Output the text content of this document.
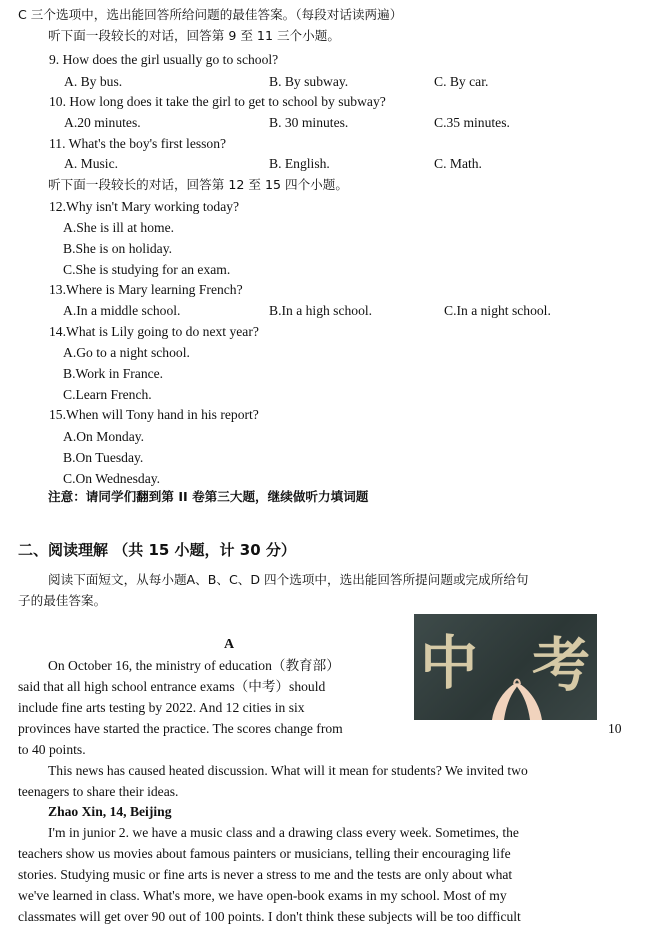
C 三个选项中，选出能回答所给问题的最佳答案。（每段对话读两遍）
听下面一段较长的对话，回答第 9 至 11 三个小题。
9. How does the girl usually go to school?
A. By bus.	B. By subway.	C. By car.
10. How long does it take the girl to get to school by subway?
A.20 minutes.	B. 30 minutes.	C.35 minutes.
11. What's the boy's first lesson?
A. Music.	B. English.	C. Math.
听下面一段较长的对话，回答第 12 至 15 四个小题。
12.Why isn't Mary working today?
A.She is ill at home.
B.She is on holiday.
C.She is studying for an exam.
13.Where is Mary learning French?
A.In a middle school.	B.In a high school.	C.In a night school.
14.What is Lily going to do next year?
A.Go to a night school.
B.Work in France.
C.Learn French.
15.When will Tony hand in his report?
A.On Monday.
B.On Tuesday.
C.On Wednesday.
注意：请同学们翻到第 II 卷第三大题，继续做听力填词题
二、阅读理解 （共 15 小题，计 30 分）
阅读下面短文，从每小题A、B、C、D 四个选项中，选出能回答所提问题或完成所给句
子的最佳答案。
A	中 考
On October 16, the ministry of education（教育部）
said that all high school entrance exams（中考）should
include fine arts testing by 2022. And 12 cities in six
provinces have started the practice. The scores change from	10
to 40 points.
This news has caused heated discussion. What will it mean for students? We invited two
teenagers to share their ideas.
Zhao Xin, 14, Beijing
I'm in junior 2. we have a music class and a drawing class every week. Sometimes, the
teachers show us movies about famous painters or musicians, telling their encouraging life
stories. Studying music or fine arts is never a stress to me and the tests are only about what
we've learned in class. What's more, we have open-book exams in my school. Most of my
classmates will get over 90 out of 100 points. I don't think these subjects will be too difficult
